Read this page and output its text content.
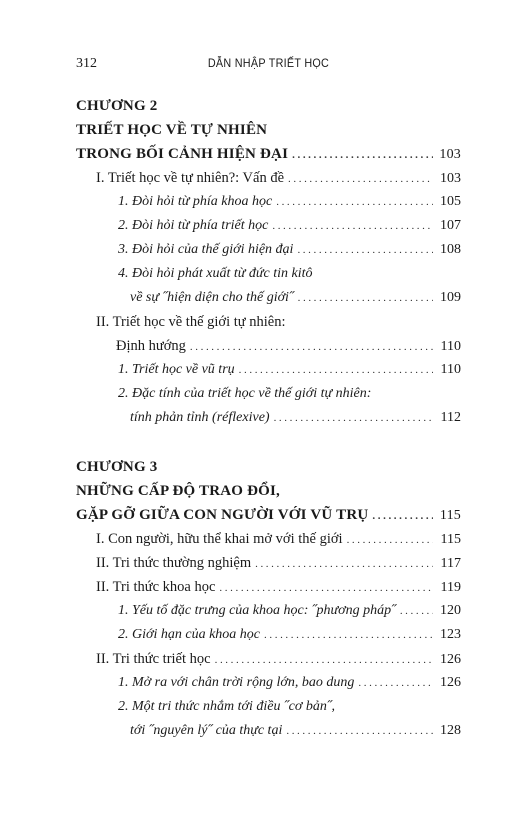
312	DẪN NHẬP TRIẾT HỌC
CHƯƠNG 2
TRIẾT HỌC VỀ TỰ NHIÊN
TRONG BỐI CẢNH HIỆN ĐẠI .....	103
I. Triết học về tự nhiên?: Vấn đề .....	103
1. Đòi hỏi từ phía khoa học .....	105
2. Đòi hỏi từ phía triết học .....	107
3. Đòi hỏi của thế giới hiện đại .....	108
4. Đòi hỏi phát xuất từ đức tin kitô
về sự ˝hiện diện cho thế giới˝ .....	109
II. Triết học về thế giới tự nhiên:
Định hướng .....	110
1. Triết học về vũ trụ .....	110
2. Đặc tính của triết học về thế giới tự nhiên:
tính phản tỉnh (réflexive) .....	112
CHƯƠNG 3
NHỮNG CẤP ĐỘ TRAO ĐỔI,
GẶP GỠ GIỮA CON NGƯỜI VỚI VŨ TRỤ .....	115
I. Con người, hữu thể khai mở với thế giới .....	115
II. Tri thức thường nghiệm .....	117
II. Tri thức khoa học .....	119
1. Yếu tố đặc trưng của khoa học: ˝phương pháp˝ .....	120
2. Giới hạn của khoa học .....	123
II. Tri thức triết học .....	126
1. Mở ra với chân trời rộng lớn, bao dung .....	126
2. Một tri thức nhắm tới điều ˝cơ bản˝,
tới ˝nguyên lý˝ của thực tại .....	128
